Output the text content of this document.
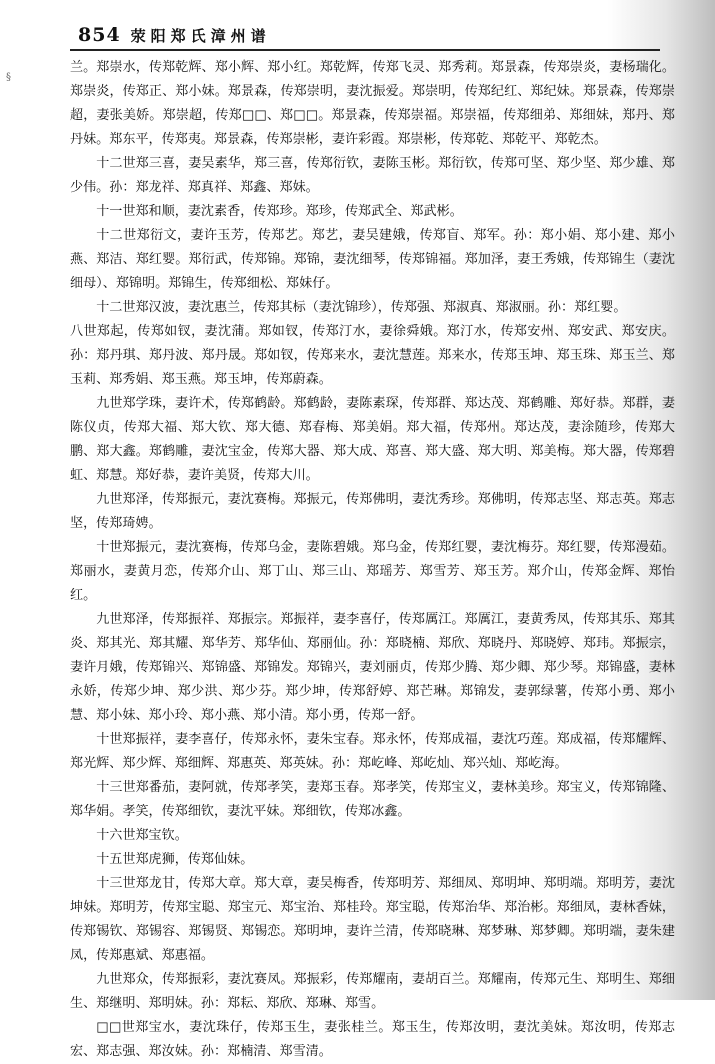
§
854 荥阳郑氏漳州谱

兰。郑崇水，传郑乾辉、郑小辉、郑小红。郑乾辉，传郑飞灵、郑秀莉。郑景森，传郑崇炎，妻杨瑞化。郑崇炎，传郑正、郑小妹。郑景森，传郑崇明，妻沈振爱。郑崇明，传郑纪红、郑纪妹。郑景森，传郑崇超，妻张美娇。郑崇超，传郑□□、郑□□。郑景森，传郑崇福。郑崇福，传郑细弟、郑细妹，郑丹、郑丹妹。郑东平，传郑夷。郑景森，传郑崇彬，妻许彩霞。郑崇彬，传郑乾、郑乾平、郑乾杰。

十二世郑三喜，妻吴素华，郑三喜，传郑衍钦，妻陈玉彬。郑衍钦，传郑可坚、郑少坚、郑少雄、郑少伟。孙：郑龙祥、郑真祥、郑鑫、郑妹。

十一世郑和顺，妻沈素香，传郑珍。郑珍，传郑武全、郑武彬。

十二世郑衍文，妻许玉芳，传郑艺。郑艺，妻吴建娥，传郑盲、郑军。孙：郑小娟、郑小建、郑小燕、郑洁、郑红婴。郑衍武，传郑锦。郑锦，妻沈细琴，传郑锦福。郑加泽，妻王秀娥，传郑锦生（妻沈细母）、郑锦明。郑锦生，传郑细松、郑妹仔。

十二世郑汉波，妻沈惠兰，传郑其标（妻沈锦珍），传郑强、郑淑真、郑淑丽。孙：郑红婴。

八世郑起，传郑如钗，妻沈蒲。郑如钗，传郑汀水，妻徐舜娥。郑汀水，传郑安州、郑安武、郑安庆。孙：郑丹琪、郑丹波、郑丹晟。郑如钗，传郑来水，妻沈慧莲。郑来水，传郑玉坤、郑玉珠、郑玉兰、郑玉莉、郑秀娟、郑玉燕。郑玉坤，传郑蔚森。

九世郑学珠，妻许术，传郑鹤龄。郑鹤龄，妻陈素琛，传郑群、郑达茂、郑鹤雕、郑好恭。郑群，妻陈仪贞，传郑大福、郑大钦、郑大德、郑春梅、郑美娟。郑大福，传郑州。郑达茂，妻涂随珍，传郑大鹏、郑大鑫。郑鹤雕，妻沈宝金，传郑大器、郑大成、郑喜、郑大盛、郑大明、郑美梅。郑大器，传郑碧虹、郑慧。郑好恭，妻许美贤，传郑大川。

九世郑泽，传郑振元，妻沈赛梅。郑振元，传郑佛明，妻沈秀珍。郑佛明，传郑志坚、郑志英。郑志坚，传郑琦娉。

十世郑振元，妻沈赛梅，传郑乌金，妻陈碧娥。郑乌金，传郑红婴，妻沈梅芬。郑红婴，传郑漫茹。郑丽水，妻黄月恋，传郑介山、郑丁山、郑三山、郑瑶芳、郑雪芳、郑玉芳。郑介山，传郑金辉、郑怡红。

九世郑泽，传郑振祥、郑振宗。郑振祥，妻李喜仔，传郑厲江。郑厲江，妻黄秀凤，传郑其乐、郑其炎、郑其光、郑其耀、郑华芳、郑华仙、郑丽仙。孙：郑晓楠、郑欣、郑晓丹、郑晓婷、郑玮。郑振宗，妻许月娥，传郑锦兴、郑锦盛、郑锦发。郑锦兴，妻刘丽贞，传郑少腾、郑少卿、郑少琴。郑锦盛，妻林永娇，传郑少坤、郑少洪、郑少芬。郑少坤，传郑舒婷、郑芒琳。郑锦发，妻郭绿薯，传郑小勇、郑小慧、郑小妹、郑小玲、郑小燕、郑小清。郑小勇，传郑一舒。

十世郑振祥，妻李喜仔，传郑永怀，妻朱宝春。郑永怀，传郑成福，妻沈巧莲。郑成福，传郑耀辉、郑光辉、郑少辉、郑细辉、郑惠英、郑英妹。孙：郑屹峰、郑屹灿、郑兴灿、郑屹海。

十三世郑番茄，妻阿就，传郑孝笑，妻郑玉春。郑孝笑，传郑宝义，妻林美珍。郑宝义，传郑锦隆、郑华娟。孝笑，传郑细钦，妻沈平妹。郑细钦，传郑冰鑫。

十六世郑宝钦。

十五世郑虎狮，传郑仙妹。

十三世郑龙甘，传郑大章。郑大章，妻吴梅香，传郑明芳、郑细凤、郑明坤、郑明端。郑明芳，妻沈坤妹。郑明芳，传郑宝聪、郑宝元、郑宝治、郑桂玲。郑宝聪，传郑治华、郑治彬。郑细凤，妻林香妹，传郑锡钦、郑锡容、郑锡贤、郑锡恋。郑明坤，妻许兰清，传郑晓琳、郑梦琳、郑梦卿。郑明端，妻朱建凤，传郑惠斌、郑惠福。

九世郑众，传郑振彩，妻沈赛凤。郑振彩，传郑耀南，妻胡百兰。郑耀南，传郑元生、郑明生、郑细生、郑继明、郑明妹。孙：郑耘、郑欣、郑琳、郑雪。

□□世郑宝水，妻沈珠仔，传郑玉生，妻张桂兰。郑玉生，传郑汝明，妻沈美妹。郑汝明，传郑志宏、郑志强、郑汝妹。孙：郑楠清、郑雪清。
